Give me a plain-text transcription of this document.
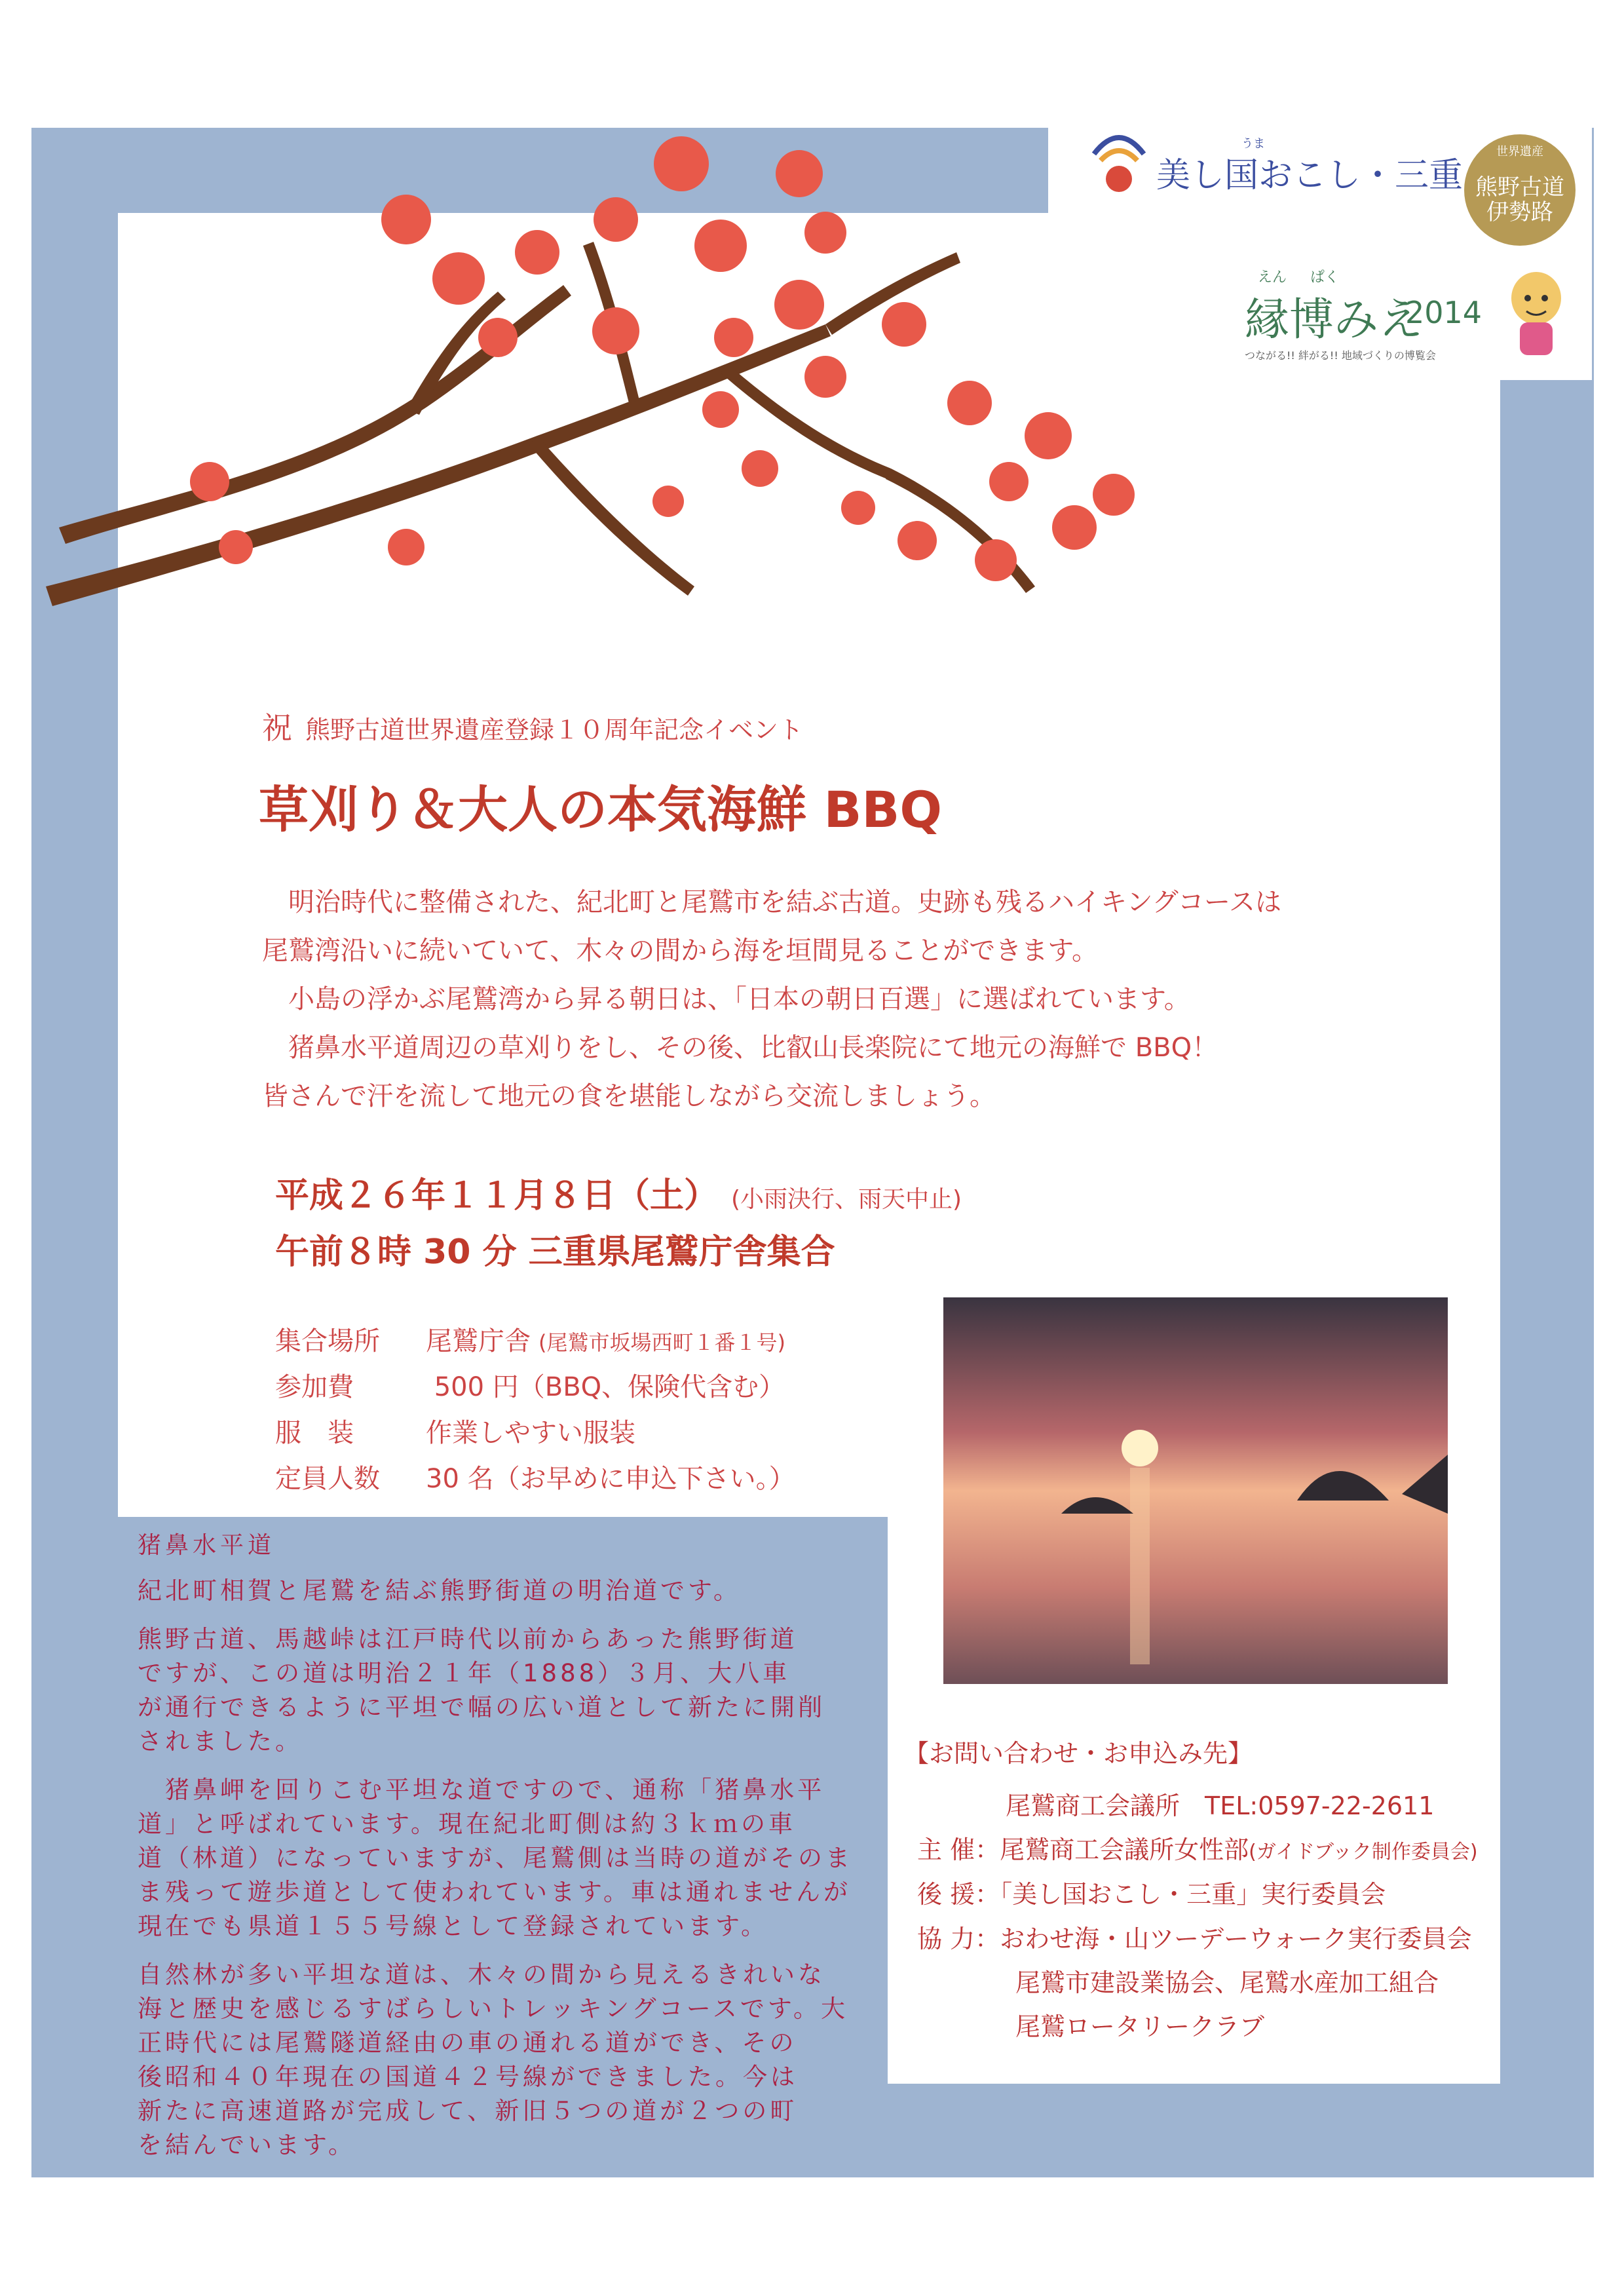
うま
美し国おこし・三重
世界遺産
熊野古道
伊勢路
えん ぱく
縁博みえ
2014
つながる!! 絆がる!! 地域づくりの博覧会
祝 熊野古道世界遺産登録１０周年記念イベント
草刈り＆大人の本気海鮮 BBQ
　明治時代に整備された、紀北町と尾鷲市を結ぶ古道。史跡も残るハイキングコースは
尾鷲湾沿いに続いていて、木々の間から海を垣間見ることができます。
　小島の浮かぶ尾鷲湾から昇る朝日は、「日本の朝日百選」に選ばれています。
　猪鼻水平道周辺の草刈りをし、その後、比叡山長楽院にて地元の海鮮で BBQ！
皆さんで汗を流して地元の食を堪能しながら交流しましょう。
平成２６年１１月８日（土） (小雨決行、雨天中止)
午前８時 30 分 三重県尾鷲庁舎集合
集合場所 尾鷲庁舎 (尾鷲市坂場西町１番１号)
参加費	500 円（BBQ、保険代含む）
服　装	作業しやすい服装
定員人数 30 名（お早めに申込下さい。）
猪鼻水平道
紀北町相賀と尾鷲を結ぶ熊野街道の明治道です。
熊野古道、馬越峠は江戸時代以前からあった熊野街道
ですが、この道は明治２１年（1888）３月、大八車
が通行できるように平坦で幅の広い道として新たに開削
されました。
　猪鼻岬を回りこむ平坦な道ですので、通称「猪鼻水平
道」と呼ばれています。現在紀北町側は約３ｋｍの車
道（林道）になっていますが、尾鷲側は当時の道がそのま
ま残って遊歩道として使われています。車は通れませんが
現在でも県道１５５号線として登録されています。
自然林が多い平坦な道は、木々の間から見えるきれいな
海と歴史を感じるすばらしいトレッキングコースです。大
正時代には尾鷲隧道経由の車の通れる道ができ、その
後昭和４０年現在の国道４２号線ができました。今は
新たに高速道路が完成して、新旧５つの道が２つの町
を結んでいます。
【お問い合わせ・お申込み先】
尾鷲商工会議所　TEL:0597-22-2611
主 催：尾鷲商工会議所女性部(ガイドブック制作委員会)
後 援：「美し国おこし・三重」実行委員会
協 力：おわせ海・山ツーデーウォーク実行委員会
尾鷲市建設業協会、尾鷲水産加工組合
尾鷲ロータリークラブ
